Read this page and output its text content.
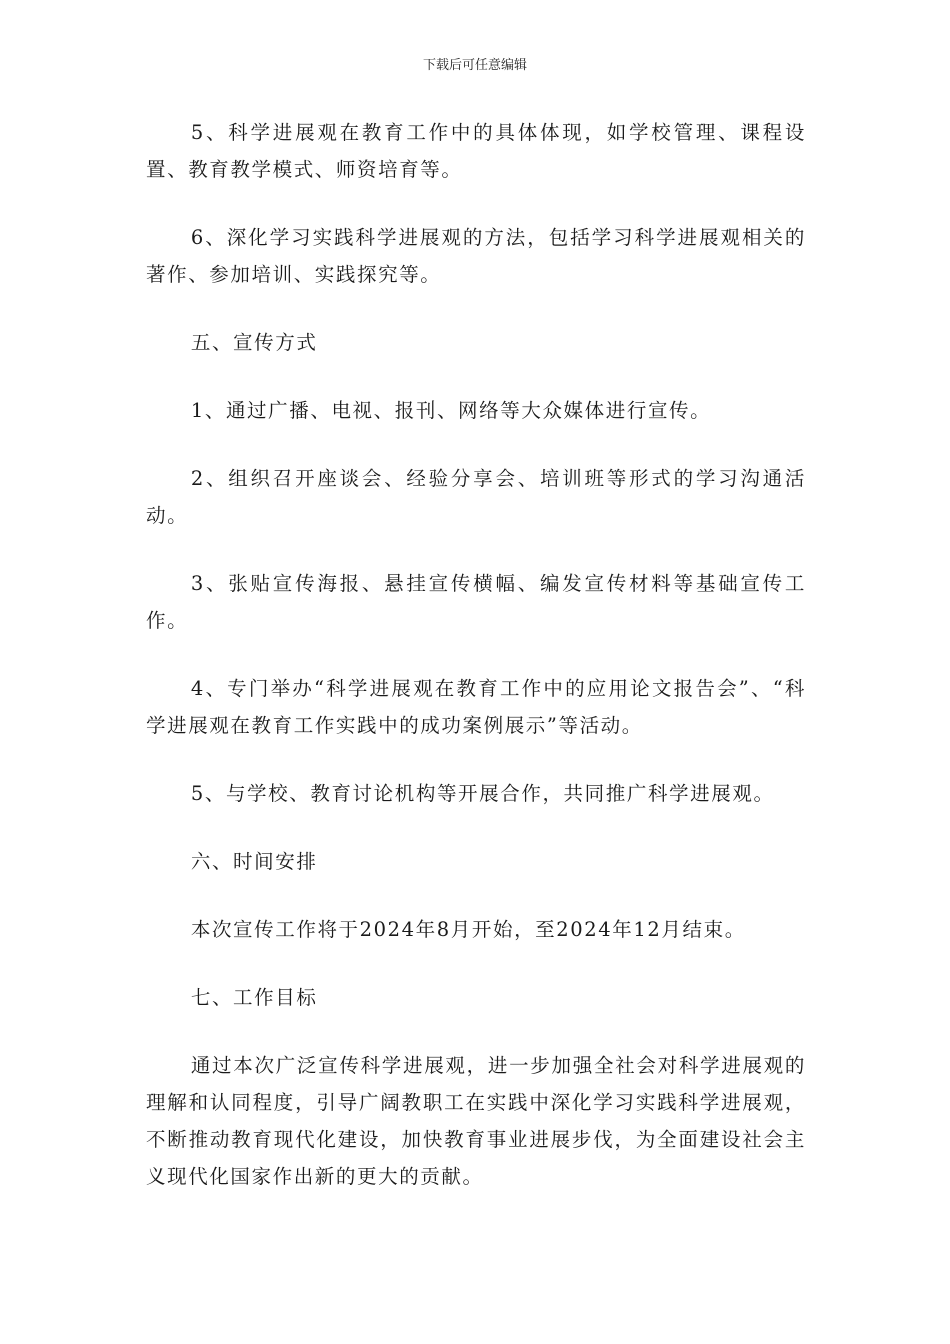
下载后可任意编辑

5、科学进展观在教育工作中的具体体现，如学校管理、课程设置、教育教学模式、师资培育等。

6、深化学习实践科学进展观的方法，包括学习科学进展观相关的著作、参加培训、实践探究等。

五、宣传方式

1、通过广播、电视、报刊、网络等大众媒体进行宣传。

2、组织召开座谈会、经验分享会、培训班等形式的学习沟通活动。

3、张贴宣传海报、悬挂宣传横幅、编发宣传材料等基础宣传工作。

4、专门举办“科学进展观在教育工作中的应用论文报告会”、“科学进展观在教育工作实践中的成功案例展示”等活动。

5、与学校、教育讨论机构等开展合作，共同推广科学进展观。

六、时间安排

本次宣传工作将于2024年8月开始，至2024年12月结束。

七、工作目标

通过本次广泛宣传科学进展观，进一步加强全社会对科学进展观的理解和认同程度，引导广阔教职工在实践中深化学习实践科学进展观，不断推动教育现代化建设，加快教育事业进展步伐，为全面建设社会主义现代化国家作出新的更大的贡献。
